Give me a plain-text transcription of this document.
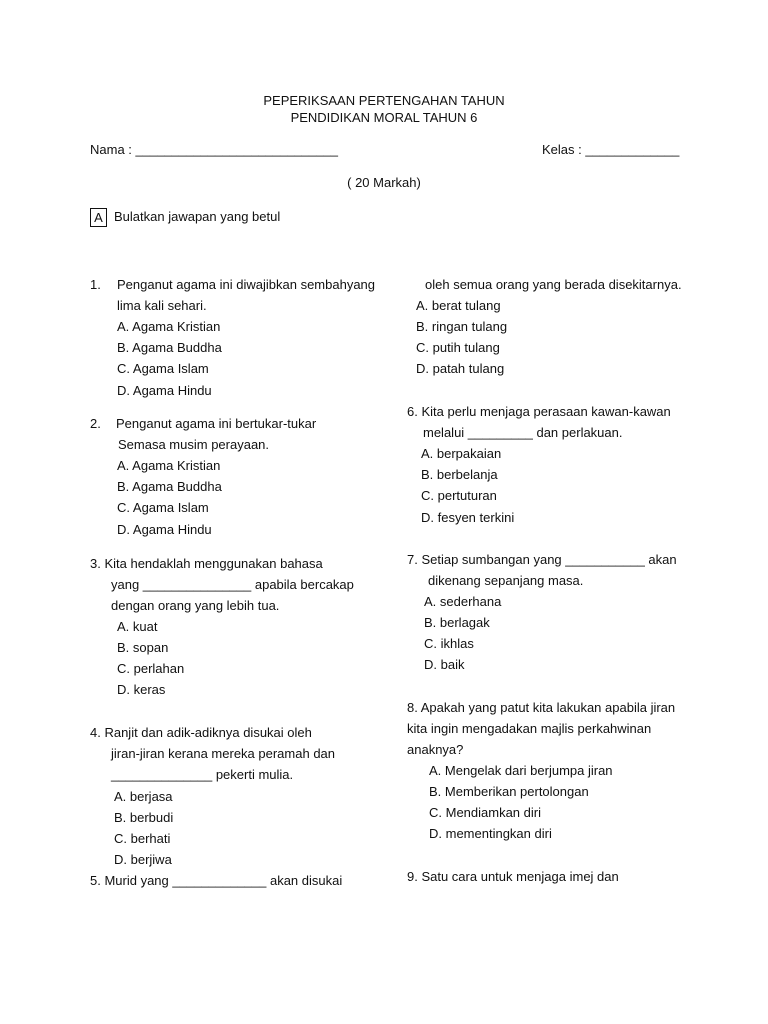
PEPERIKSAAN PERTENGAHAN TAHUN
PENDIDIKAN MORAL TAHUN 6
Nama : ____________________________	Kelas : _____________
( 20 Markah)
A Bulatkan jawapan yang betul
1. Penganut agama ini diwajibkan sembahyang
lima kali sehari.
A. Agama Kristian
B. Agama Buddha
C. Agama Islam
D. Agama Hindu
2. Penganut agama ini bertukar-tukar
Semasa musim perayaan.
A. Agama Kristian
B. Agama Buddha
C. Agama Islam
D. Agama Hindu
3. Kita hendaklah menggunakan bahasa
yang _______________ apabila bercakap
dengan orang yang lebih tua.
A. kuat
B. sopan
C. perlahan
D. keras
4. Ranjit dan adik-adiknya disukai oleh
jiran-jiran kerana mereka peramah dan
______________ pekerti mulia.
A. berjasa
B. berbudi
C. berhati
D. berjiwa
5. Murid yang _____________ akan disukai
oleh semua orang yang berada disekitarnya.
A. berat tulang
B. ringan tulang
C. putih tulang
D. patah tulang
6. Kita perlu menjaga perasaan kawan-kawan
melalui _________ dan perlakuan.
A. berpakaian
B. berbelanja
C. pertuturan
D. fesyen terkini
7. Setiap sumbangan yang ___________ akan
dikenang sepanjang masa.
A. sederhana
B. berlagak
C. ikhlas
D. baik
8. Apakah yang patut kita lakukan apabila jiran
kita ingin mengadakan majlis perkahwinan
anaknya?
A. Mengelak dari berjumpa jiran
B. Memberikan pertolongan
C. Mendiamkan diri
D. mementingkan diri
9. Satu cara untuk menjaga imej dan
